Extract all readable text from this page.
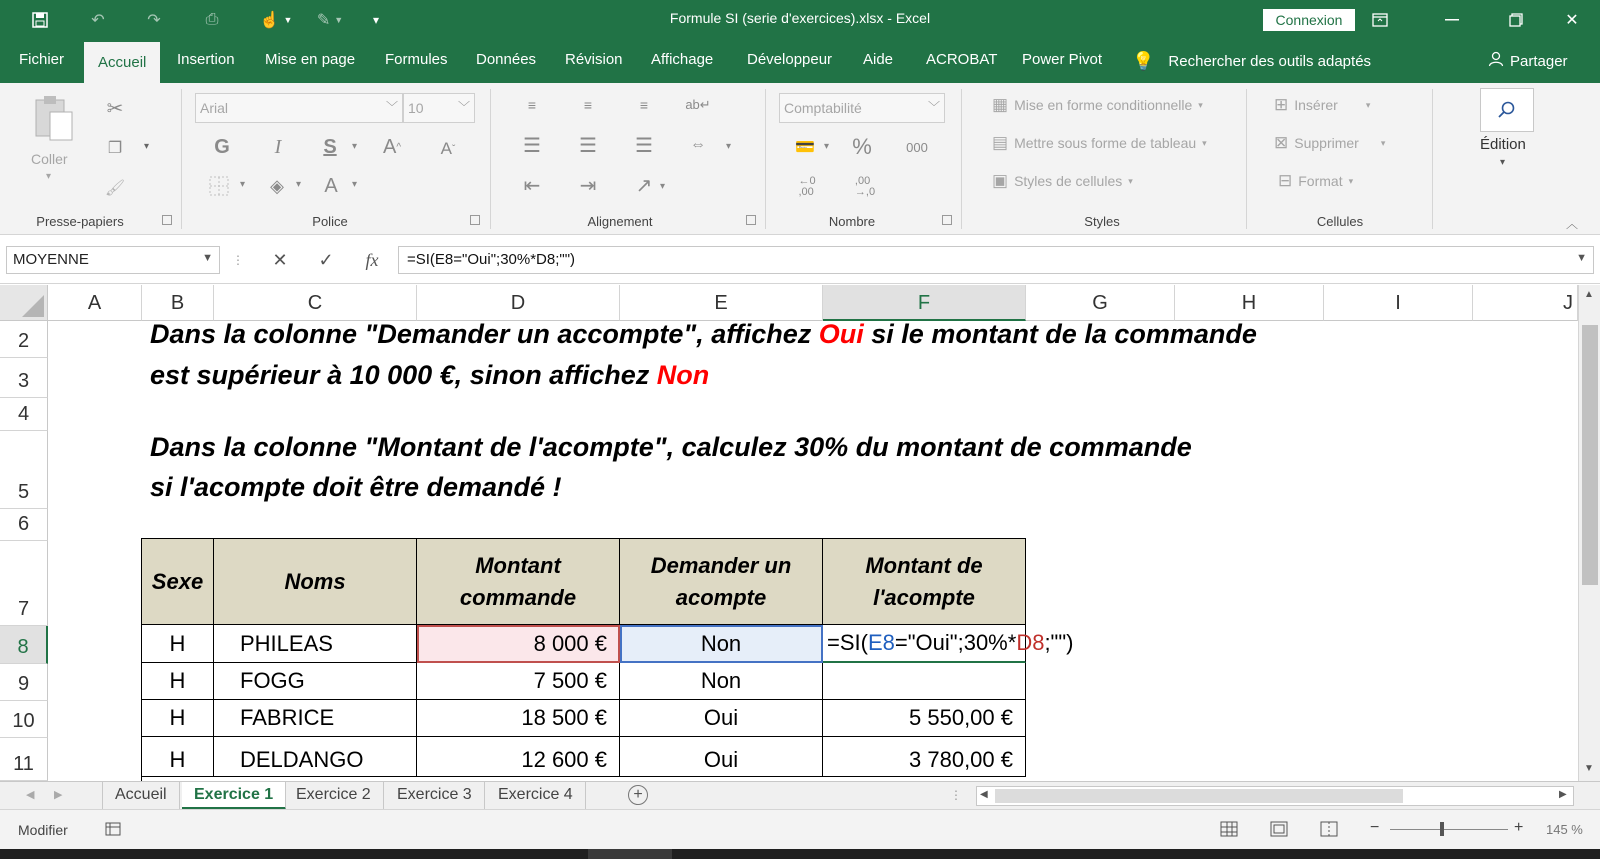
↶	↷	⎙	☝ ▼	✎ ▼	▾	Formule SI (serie d'exercices).xlsx - Excel	Connexion	✕
Fichier	Accueil	Insertion Mise en page Formules Données Révision Affichage Développeur Aide ACROBAT Power Pivot 💡 Rechercher des outils adaptés	Partager
Coller
▾
✂
❐	▾
🖌
Presse-papiers
Arial	﹀ 10	﹀
G	I	S	▾ A ^	A ˇ
▾	◈	▾	A	▾
Police
≡	≡	≡	ab↵
☰ ☰ ☰	⇔	▾
⇤ ⇥ ↗ ▾
Alignement
Comptabilité	﹀
💳 ▾ %	000
←0
,00
,00
→,0
Nombre
▦ Mise en forme conditionnelle ▾
▤ Mettre sous forme de tableau ▾
▣ Styles de cellules ▾
Styles
⊞ Insérer	▾
⊠ Supprimer ▾
⊟ Format ▾
Cellules
Édition
▾
︿
MOYENNE	▼ ⋮	✕	✓	fx	=SI(E8="Oui";30%*D8;"")	▼
A	B	C	D	E	F	G	H	I	J
2
3
4
5
6
7
8
9
10
11
Dans la colonne "Demander un accompte", affichez Oui si le montant de la commande
est supérieur à 10 000 €, sinon affichez Non
Dans la colonne "Montant de l'acompte", calculez 30% du montant de commande
si l'acompte doit être demandé !
Sexe	Noms
Montant commande
Demander un acompte
Montant de l'acompte
H	PHILEAS	8 000 €	Non	=SI( E8 ="Oui";30%* D8 ;"")
H	FOGG	7 500 €	Non
H	FABRICE	18 500 €	Oui	5 550,00 €
H	DELDANGO	12 600 €	Oui	3 780,00 €
▲
▼
◀ ▶	Accueil	Exercice 1	Exercice 2	Exercice 3	Exercice 4	+	⋮ ◀	▶
Modifier	−	+ 145 %
